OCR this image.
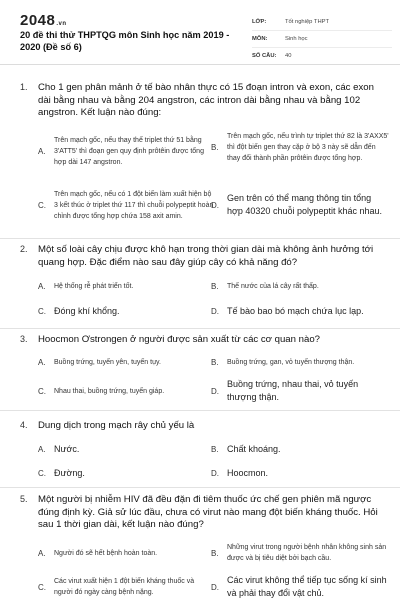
2048.vn
20 đề thi thử THPTQG môn Sinh học năm 2019 - 2020 (Đề số 6)
LỚP:	Tốt nghiệp THPT
MÔN:	Sinh học
SỐ CÂU:	40
1. Cho 1 gen phân mảnh ở tế bào nhân thực có 15 đoạn intron và exon, các exon dài bằng nhau và bằng 204 angstron, các intron dài bằng nhau và bằng 102 angstron. Kết luận nào đúng:
A.
Trên mạch gốc, nếu thay thế triplet thứ 51 bằng 3'ATT5' thì đoạn gen quy định prôtêin được tổng hợp dài 147 angstron.
B.
Trên mạch gốc, nếu trình tự triplet thứ 82 là 3'AXX5' thì đột biến gen thay cặp ở bộ 3 này sẽ dẫn đến thay đổi thành phần prôtêin được tổng hợp.
C.
Trên mạch gốc, nếu có 1 đột biến làm xuất hiện bộ 3 kết thúc ở triplet thứ 117 thì chuỗi polypeptit hoàn chỉnh được tổng hợp chứa 158 axit amin.
D.
Gen trên có thể mang thông tin tổng hợp 40320 chuỗi polypeptit khác nhau.
2. Một số loài cây chịu được khô hạn trong thời gian dài mà không ảnh hưởng tới quang hợp. Đặc điểm nào sau đây giúp cây có khả năng đó?
A.	Hệ thống rễ phát triển tốt.	B.	Thế nước của lá cây rất thấp.
C. Đóng khí khổng.	D. Tế bào bao bó mạch chứa lục lạp.
3. Hoocmon Ơstrongen ở người được sản xuất từ các cơ quan nào?
A.	Buồng trứng, tuyến yên, tuyến tụy.	B.	Buồng trứng, gan, vỏ tuyến thượng thận.
C.	Nhau thai, buồng trứng, tuyến giáp.	D.
Buồng trứng, nhau thai, vỏ tuyến thượng thận.
4. Dung dịch trong mạch rây chủ yếu là
A. Nước.	B. Chất khoáng.
C. Đường.	D. Hoocmon.
5. Một người bị nhiễm HIV đã đều đặn đi tiêm thuốc ức chế gen phiên mã ngược đúng định kỳ. Giả sử lúc đầu, chưa có virut nào mang đột biến kháng thuốc. Hỏi sau 1 thời gian dài, kết luận nào đúng?
A.	Người đó sẽ hết bệnh hoàn toàn.	B.
Những virut trong người bệnh nhân không sinh sản được và bị tiêu diệt bởi bạch cầu.
C.
Các virut xuất hiện 1 đột biến kháng thuốc và người đó ngày càng bệnh nặng.
D.
Các virut không thể tiếp tục sống kí sinh và phải thay đổi vật chủ.
